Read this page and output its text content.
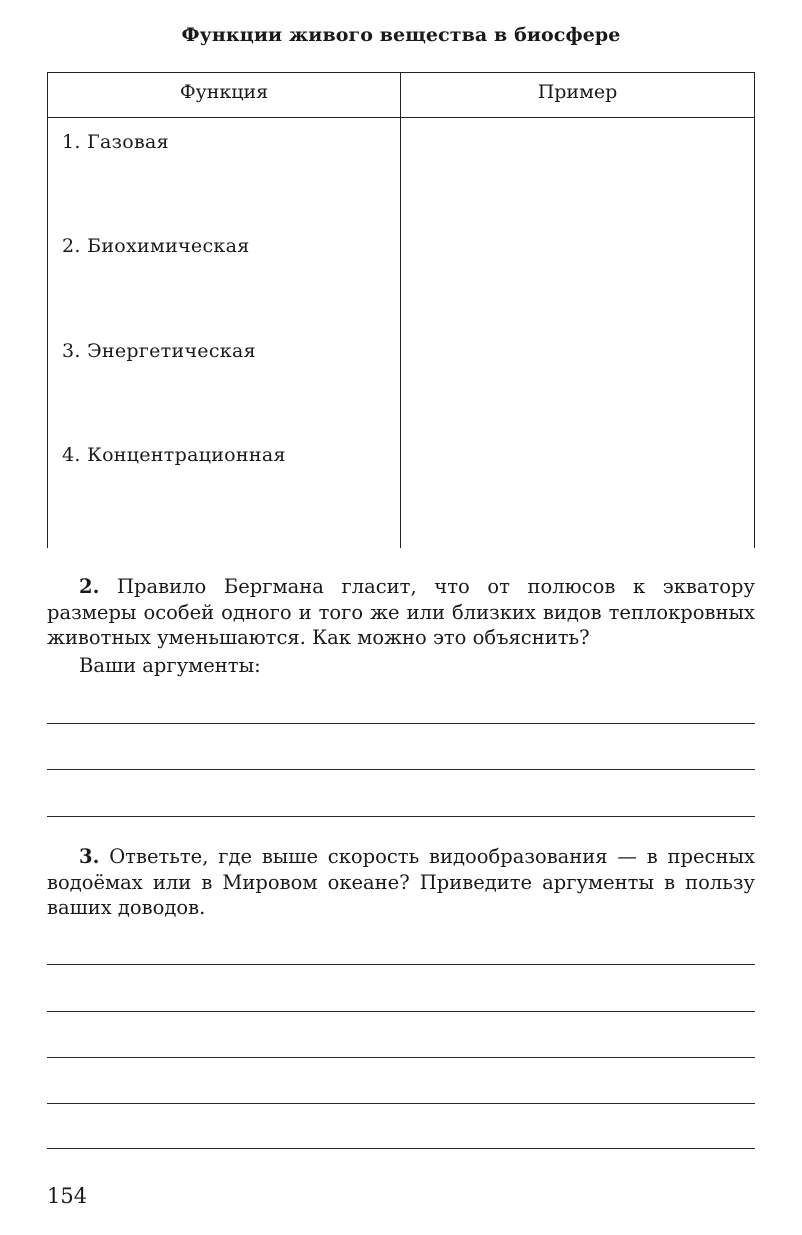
Функции живого вещества в биосфере
Функция	Пример
1. Газовая
2. Биохимическая
3. Энергетическая
4. Концентрационная

2. Правило Бергмана гласит, что от полюсов к экватору размеры особей одного и того же или близких видов теплокровных животных уменьшаются. Как можно это объяснить?

Ваши аргументы:

3. Ответьте, где выше скорость видообразования — в пресных водоёмах или в Мировом океане? Приведите аргументы в пользу ваших доводов.

154
